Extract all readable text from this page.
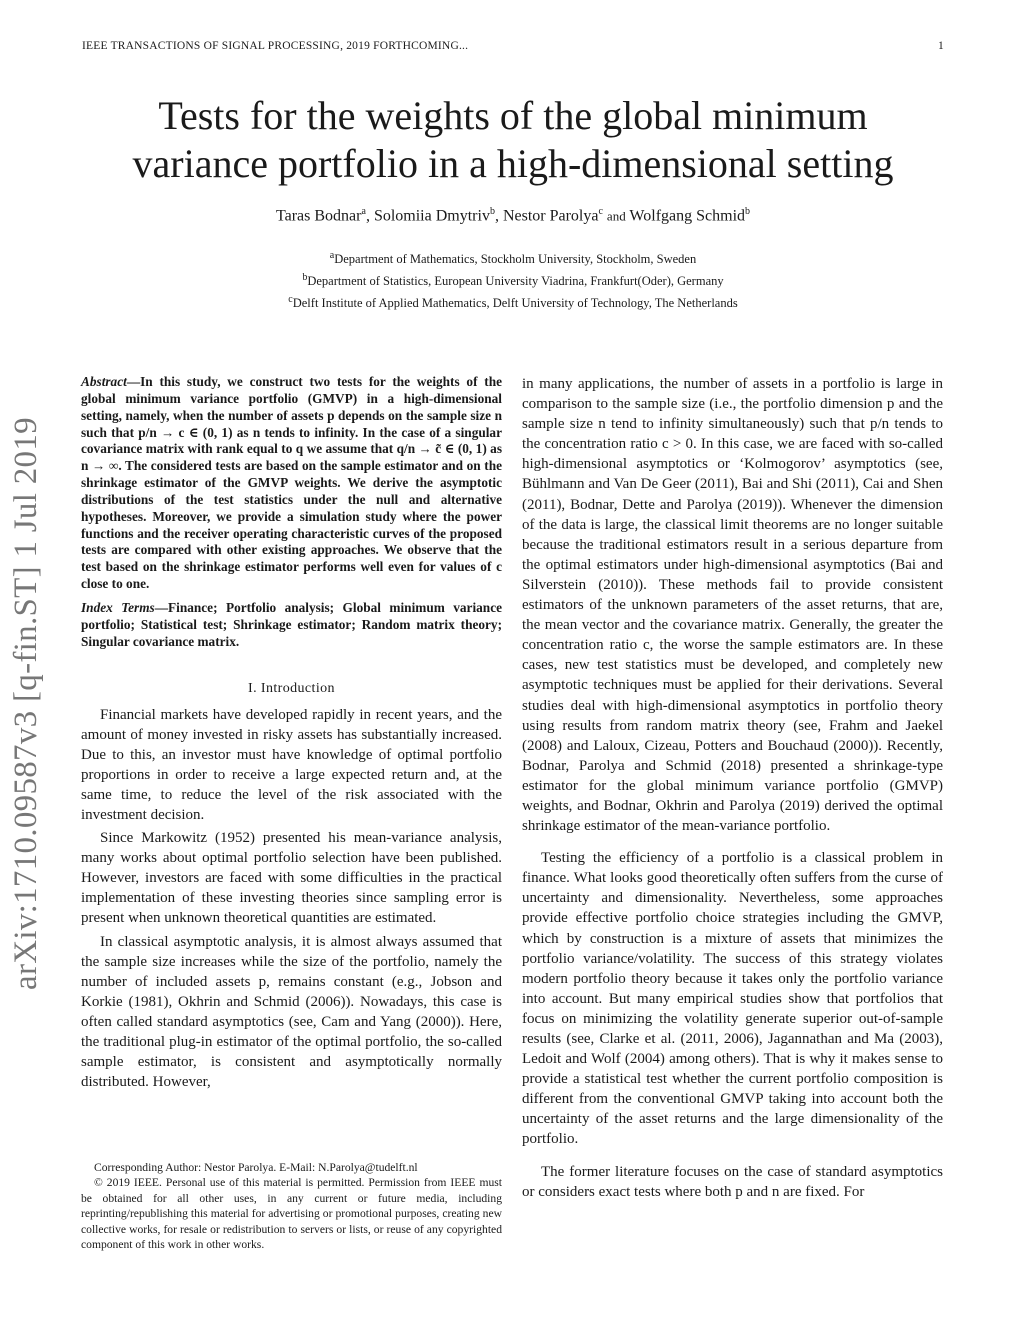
IEEE TRANSACTIONS OF SIGNAL PROCESSING, 2019 FORTHCOMING...	1
Tests for the weights of the global minimum
variance portfolio in a high-dimensional setting
Taras Bodnar$^a$, Solomiia Dmytriv$^b$, Nestor Parolya$^c$ and Wolfgang Schmid$^b$
$^a$Department of Mathematics, Stockholm University, Stockholm, Sweden
$^b$Department of Statistics, European University Viadrina, Frankfurt(Oder), Germany
$^c$Delft Institute of Applied Mathematics, Delft University of Technology, The Netherlands
arXiv:1710.09587v3 [q-fin.ST] 1 Jul 2019

Abstract—In this study, we construct two tests for the weights of the global minimum variance portfolio (GMVP) in a high-dimensional setting, namely, when the number of assets p depends on the sample size n such that p/n → c ∈ (0, 1) as n tends to infinity. In the case of a singular covariance matrix with rank equal to q we assume that q/n → c̃ ∈ (0, 1) as n → ∞. The considered tests are based on the sample estimator and on the shrinkage estimator of the GMVP weights. We derive the asymptotic distributions of the test statistics under the null and alternative hypotheses. Moreover, we provide a simulation study where the power functions and the receiver operating characteristic curves of the proposed tests are compared with other existing approaches. We observe that the test based on the shrinkage estimator performs well even for values of c close to one.

Index Terms—Finance; Portfolio analysis; Global minimum variance portfolio; Statistical test; Shrinkage estimator; Random matrix theory; Singular covariance matrix.

I. Introduction

Financial markets have developed rapidly in recent years, and the amount of money invested in risky assets has substantially increased. Due to this, an investor must have knowledge of optimal portfolio proportions in order to receive a large expected return and, at the same time, to reduce the level of the risk associated with the investment decision.

Since Markowitz (1952) presented his mean-variance analysis, many works about optimal portfolio selection have been published. However, investors are faced with some difficulties in the practical implementation of these investing theories since sampling error is present when unknown theoretical quantities are estimated.

In classical asymptotic analysis, it is almost always assumed that the sample size increases while the size of the portfolio, namely the number of included assets p, remains constant (e.g., Jobson and Korkie (1981), Okhrin and Schmid (2006)). Nowadays, this case is often called standard asymptotics (see, Cam and Yang (2000)). Here, the traditional plug-in estimator of the optimal portfolio, the so-called sample estimator, is consistent and asymptotically normally distributed. However,

Corresponding Author: Nestor Parolya. E-Mail: N.Parolya@tudelft.nl

© 2019 IEEE. Personal use of this material is permitted. Permission from IEEE must be obtained for all other uses, in any current or future media, including reprinting/republishing this material for advertising or promotional purposes, creating new collective works, for resale or redistribution to servers or lists, or reuse of any copyrighted component of this work in other works.

in many applications, the number of assets in a portfolio is large in comparison to the sample size (i.e., the portfolio dimension p and the sample size n tend to infinity simultaneously) such that p/n tends to the concentration ratio c > 0. In this case, we are faced with so-called high-dimensional asymptotics or ‘Kolmogorov’ asymptotics (see, Bühlmann and Van De Geer (2011), Bai and Shi (2011), Cai and Shen (2011), Bodnar, Dette and Parolya (2019)). Whenever the dimension of the data is large, the classical limit theorems are no longer suitable because the traditional estimators result in a serious departure from the optimal estimators under high-dimensional asymptotics (Bai and Silverstein (2010)). These methods fail to provide consistent estimators of the unknown parameters of the asset returns, that are, the mean vector and the covariance matrix. Generally, the greater the concentration ratio c, the worse the sample estimators are. In these cases, new test statistics must be developed, and completely new asymptotic techniques must be applied for their derivations. Several studies deal with high-dimensional asymptotics in portfolio theory using results from random matrix theory (see, Frahm and Jaekel (2008) and Laloux, Cizeau, Potters and Bouchaud (2000)). Recently, Bodnar, Parolya and Schmid (2018) presented a shrinkage-type estimator for the global minimum variance portfolio (GMVP) weights, and Bodnar, Okhrin and Parolya (2019) derived the optimal shrinkage estimator of the mean-variance portfolio.

Testing the efficiency of a portfolio is a classical problem in finance. What looks good theoretically often suffers from the curse of uncertainty and dimensionality. Nevertheless, some approaches provide effective portfolio choice strategies including the GMVP, which by construction is a mixture of assets that minimizes the portfolio variance/volatility. The success of this strategy violates modern portfolio theory because it takes only the portfolio variance into account. But many empirical studies show that portfolios that focus on minimizing the volatility generate superior out-of-sample results (see, Clarke et al. (2011, 2006), Jagannathan and Ma (2003), Ledoit and Wolf (2004) among others). That is why it makes sense to provide a statistical test whether the current portfolio composition is different from the conventional GMVP taking into account both the uncertainty of the asset returns and the large dimensionality of the portfolio.

The former literature focuses on the case of standard asymptotics or considers exact tests where both p and n are fixed. For
